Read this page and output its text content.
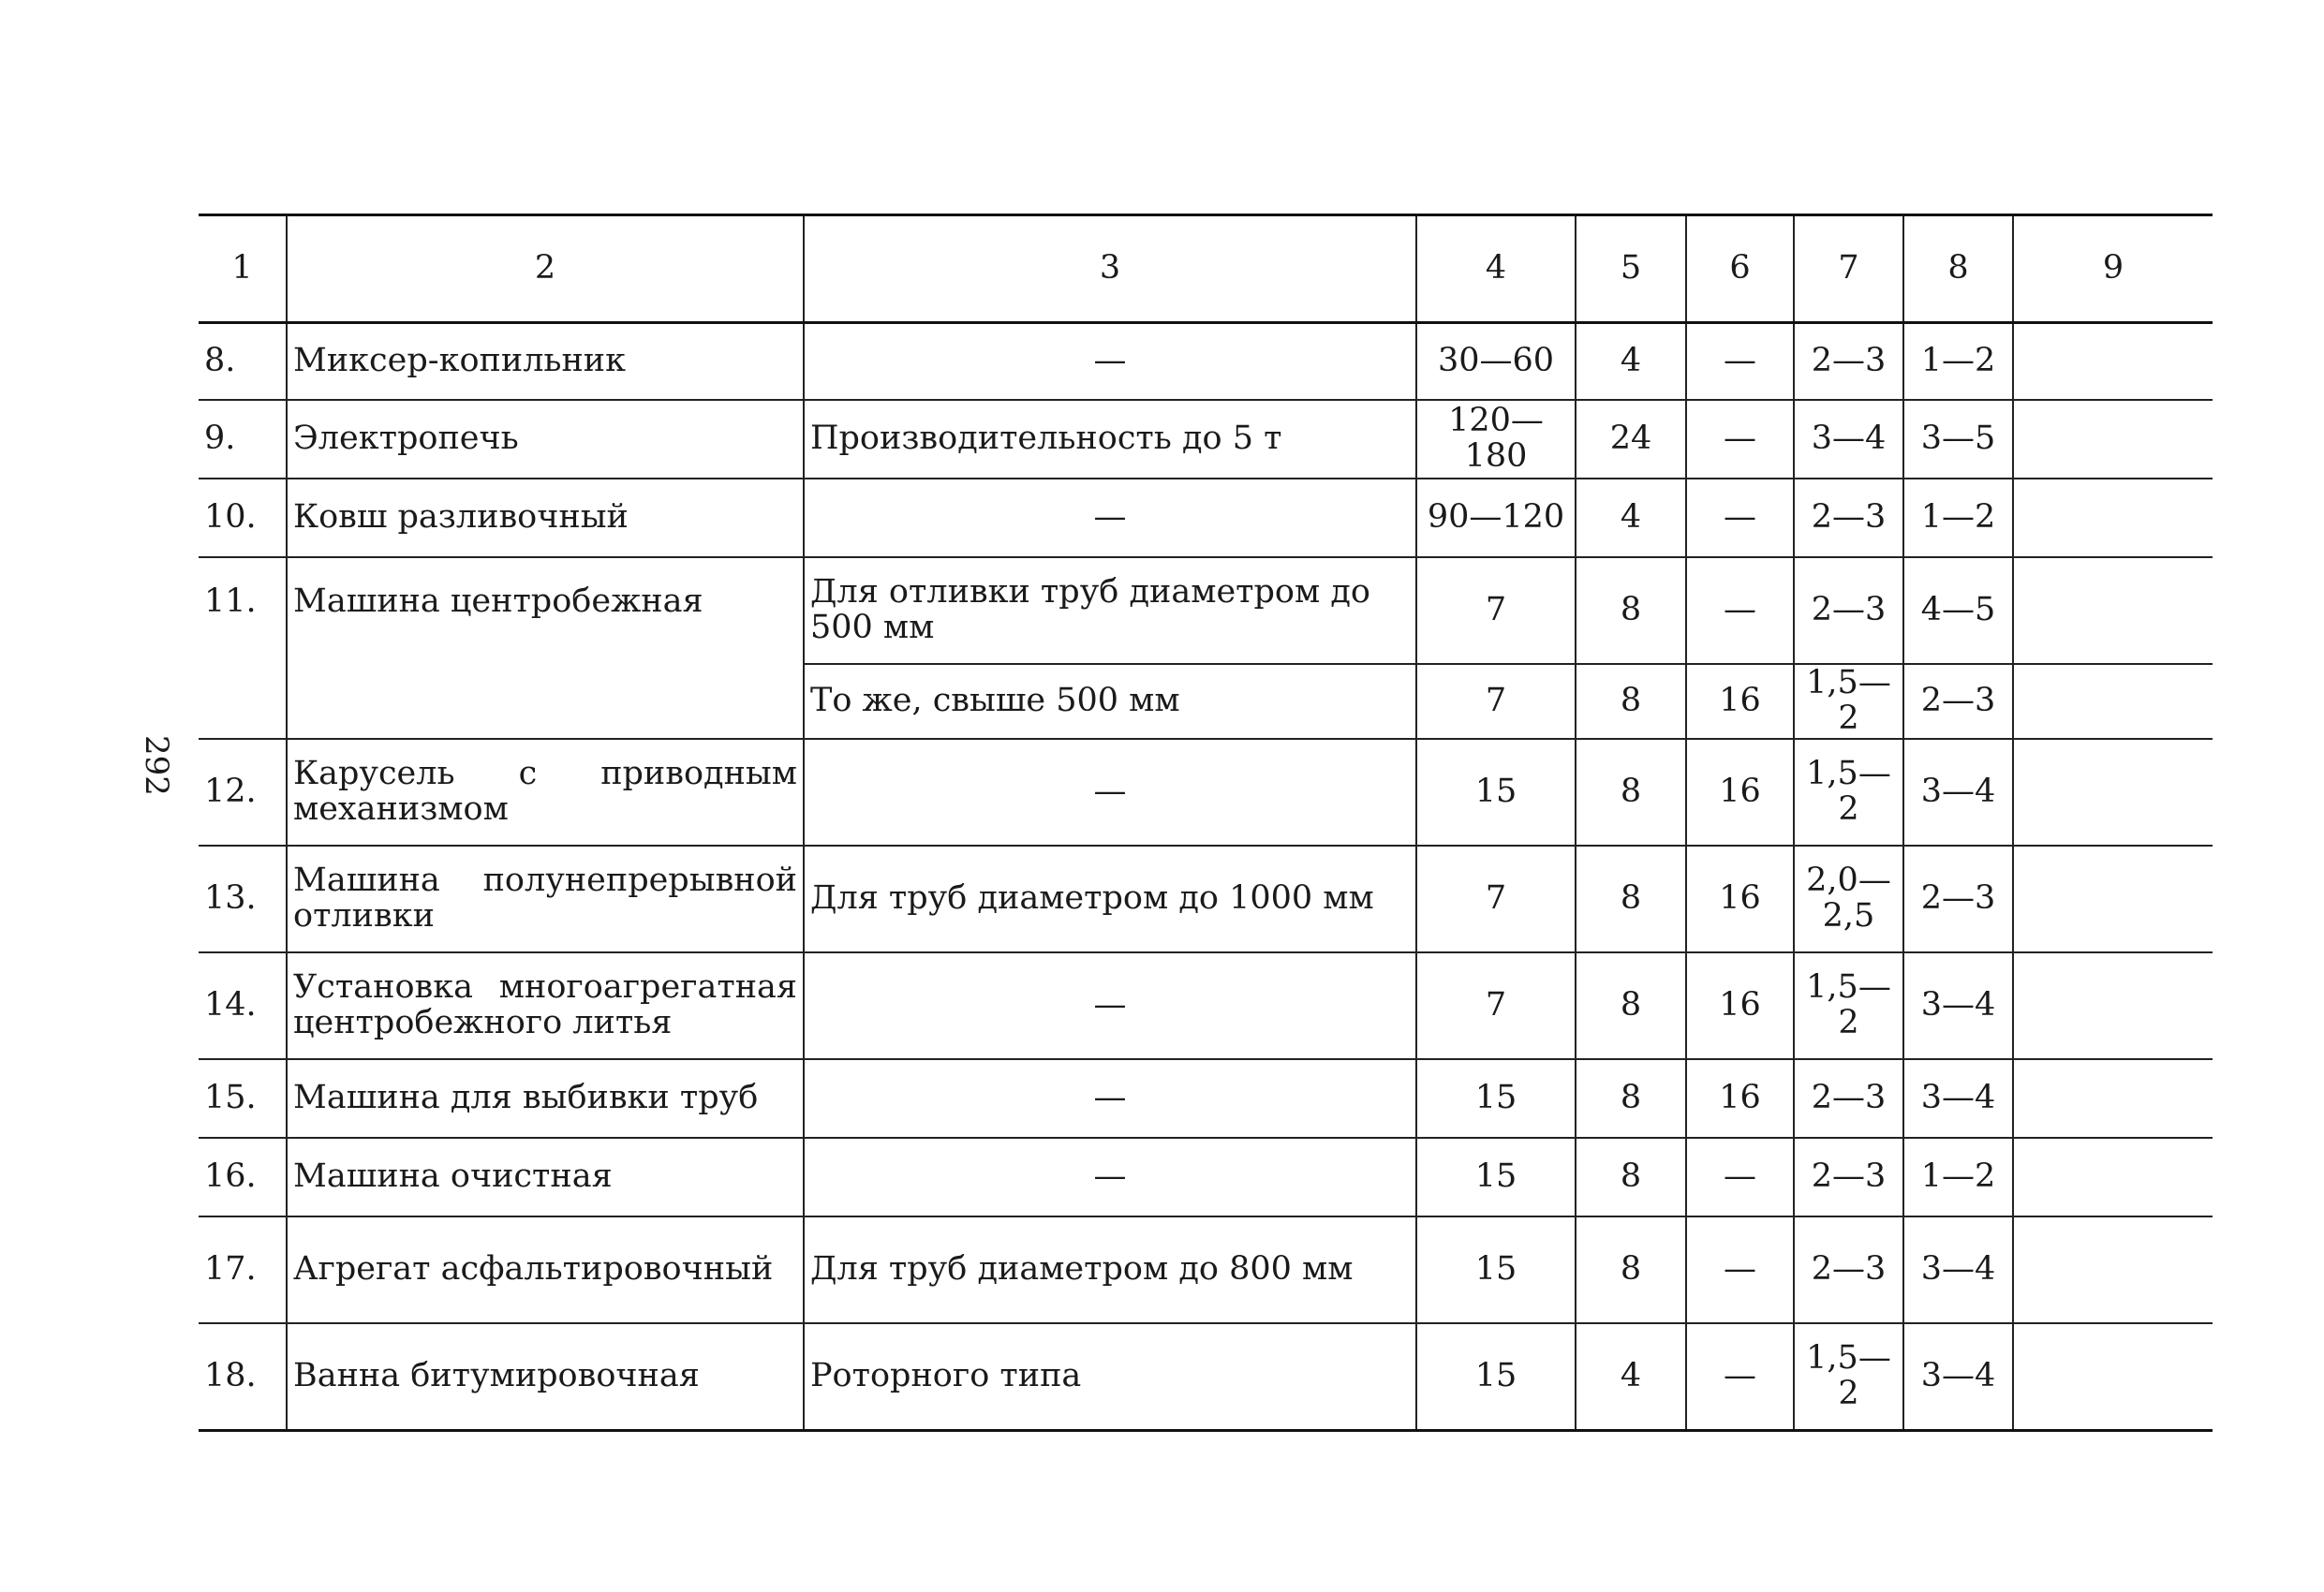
292
1	2	3	4	5	6	7	8	9
8.	Миксер-копильник	—	30—60	4	—	2—3	1—2	
9.	Электропечь	Производительность до 5 т	120—180	24	—	3—4	3—5	
10.	Ковш разливочный	—	90—120	4	—	2—3	1—2	
11.	Машина центробежная	Для отливки труб диаметром до 500 мм	7	8	—	2—3	4—5	
		То же, свыше 500 мм	7	8	16	1,5—2	2—3	
12.	Карусель с приводным механизмом	—	15	8	16	1,5—2	3—4	
13.	Машина полунепрерывной отливки	Для труб диаметром до 1000 мм	7	8	16	2,0—2,5	2—3	
14.	Установка многоагрегатная центробежного литья	—	7	8	16	1,5—2	3—4	
15.	Машина для выбивки труб	—	15	8	16	2—3	3—4	
16.	Машина очистная	—	15	8	—	2—3	1—2	
17.	Агрегат асфальтировочный	Для труб диаметром до 800 мм	15	8	—	2—3	3—4	
18.	Ванна битумировочная	Роторного типа	15	4	—	1,5—2	3—4	
